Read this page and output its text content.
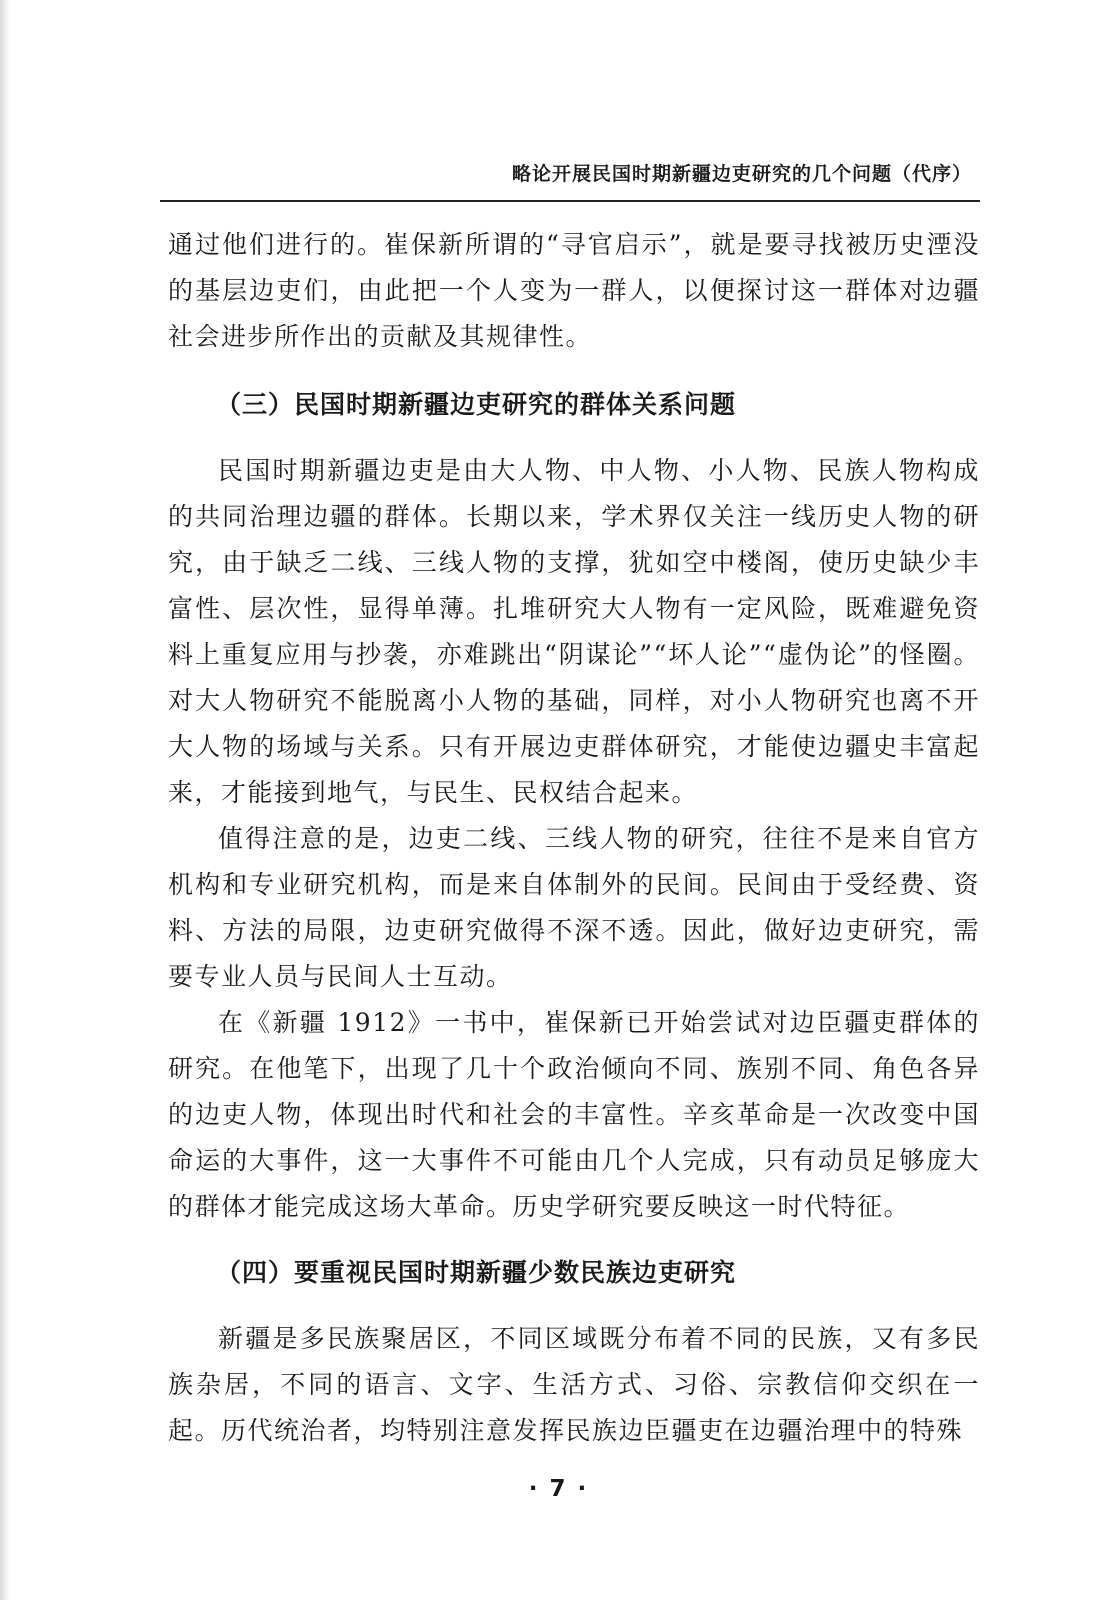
略论开展民国时期新疆边吏研究的几个问题（代序）

通过他们进行的。崔保新所谓的“寻官启示”，就是要寻找被历史湮没的基层边吏们，由此把一个人变为一群人，以便探讨这一群体对边疆社会进步所作出的贡献及其规律性。

（三）民国时期新疆边吏研究的群体关系问题

民国时期新疆边吏是由大人物、中人物、小人物、民族人物构成的共同治理边疆的群体。长期以来，学术界仅关注一线历史人物的研究，由于缺乏二线、三线人物的支撑，犹如空中楼阁，使历史缺少丰富性、层次性，显得单薄。扎堆研究大人物有一定风险，既难避免资料上重复应用与抄袭，亦难跳出“阴谋论”“坏人论”“虚伪论”的怪圈。对大人物研究不能脱离小人物的基础，同样，对小人物研究也离不开大人物的场域与关系。只有开展边吏群体研究，才能使边疆史丰富起来，才能接到地气，与民生、民权结合起来。

值得注意的是，边吏二线、三线人物的研究，往往不是来自官方机构和专业研究机构，而是来自体制外的民间。民间由于受经费、资料、方法的局限，边吏研究做得不深不透。因此，做好边吏研究，需要专业人员与民间人士互动。

在《新疆 1912》一书中，崔保新已开始尝试对边臣疆吏群体的研究。在他笔下，出现了几十个政治倾向不同、族别不同、角色各异的边吏人物，体现出时代和社会的丰富性。辛亥革命是一次改变中国命运的大事件，这一大事件不可能由几个人完成，只有动员足够庞大的群体才能完成这场大革命。历史学研究要反映这一时代特征。

（四）要重视民国时期新疆少数民族边吏研究

新疆是多民族聚居区，不同区域既分布着不同的民族，又有多民族杂居，不同的语言、文字、生活方式、习俗、宗教信仰交织在一起。历代统治者，均特别注意发挥民族边臣疆吏在边疆治理中的特殊

· 7 ·
